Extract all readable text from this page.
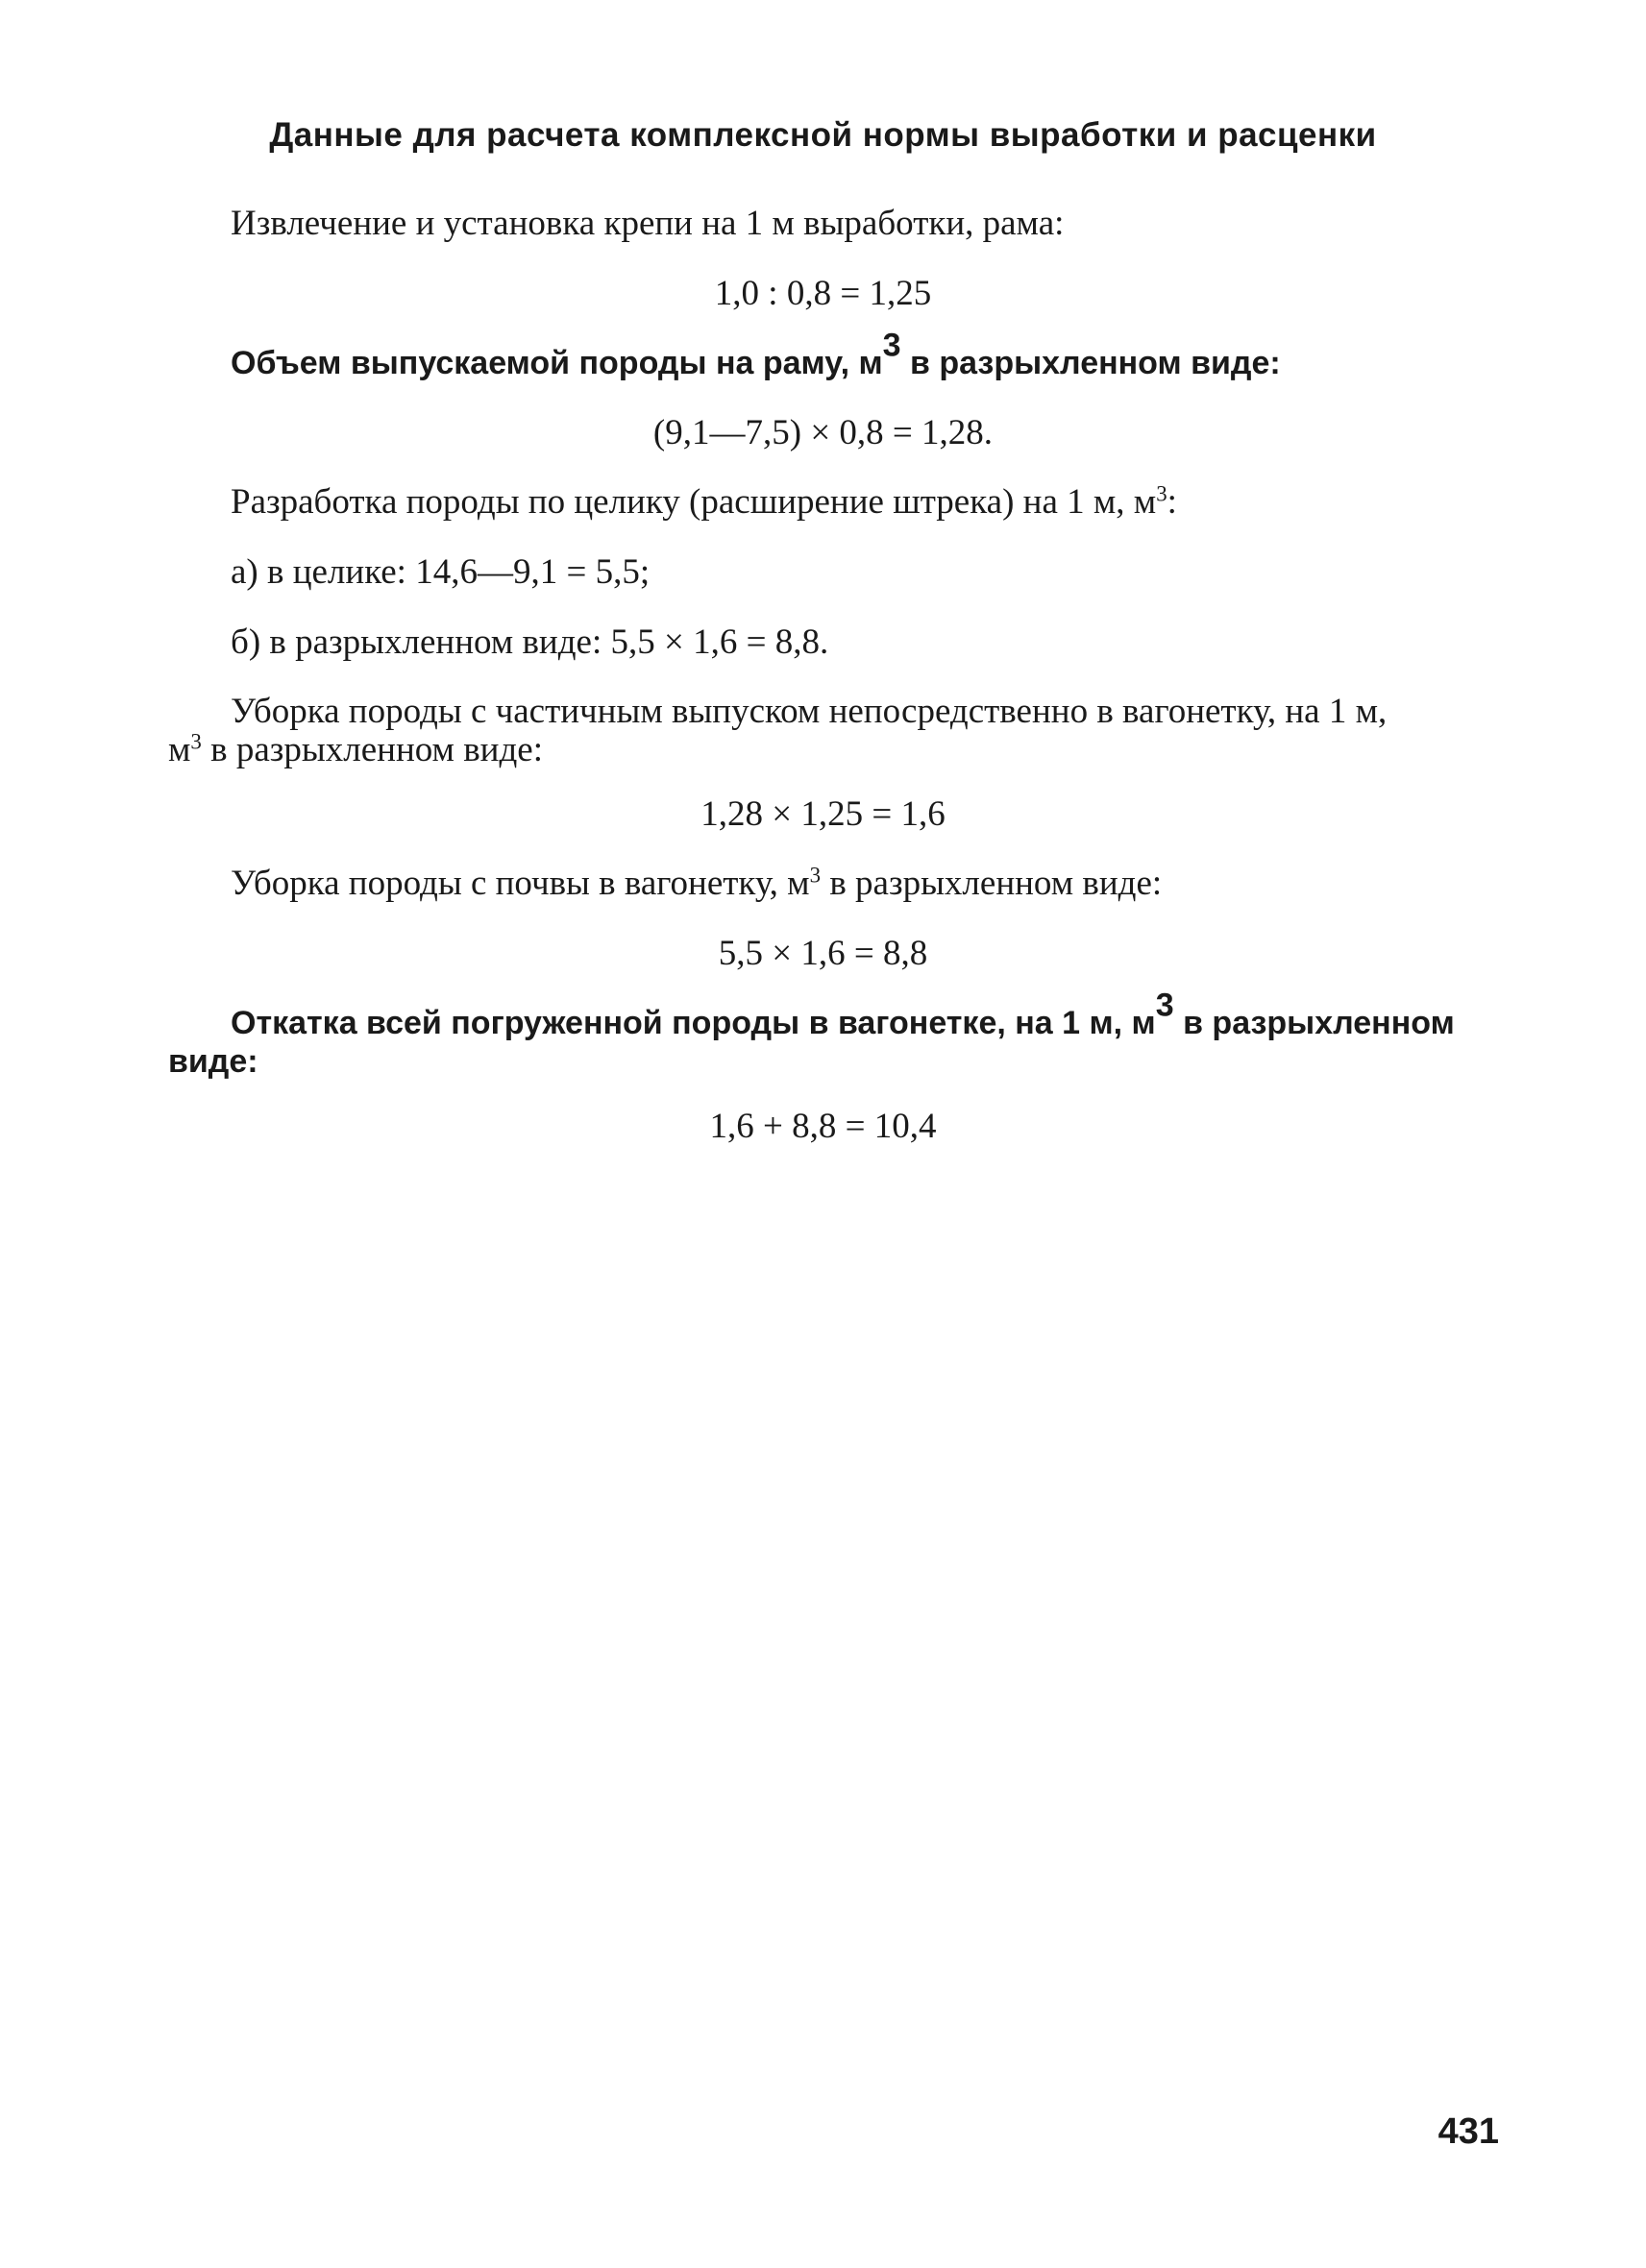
Данные для расчета комплексной нормы выработки и расценки
Извлечение и установка крепи на 1 м выработки, рама:
1,0 : 0,8 = 1,25
Объем выпускаемой породы на раму, $м^3$ в разрыхленном виде:
(9,1—7,5) × 0,8 = 1,28.
Разработка породы по целику (расширение штрека) на 1 м, $м^3$:
а) в целике: 14,6—9,1 = 5,5;
б) в разрыхленном виде: 5,5 × 1,6 = 8,8.
Уборка породы с частичным выпуском непосредственно в вагонетку, на 1 м,
$м^3$ в разрыхленном виде:
1,28 × 1,25 = 1,6
Уборка породы с почвы в вагонетку, $м^3$ в разрыхленном виде:
5,5 × 1,6 = 8,8
Откатка всей погруженной породы в вагонетке, на 1 м, $м^3$ в разрыхленном
виде:
1,6 + 8,8 = 10,4
431
